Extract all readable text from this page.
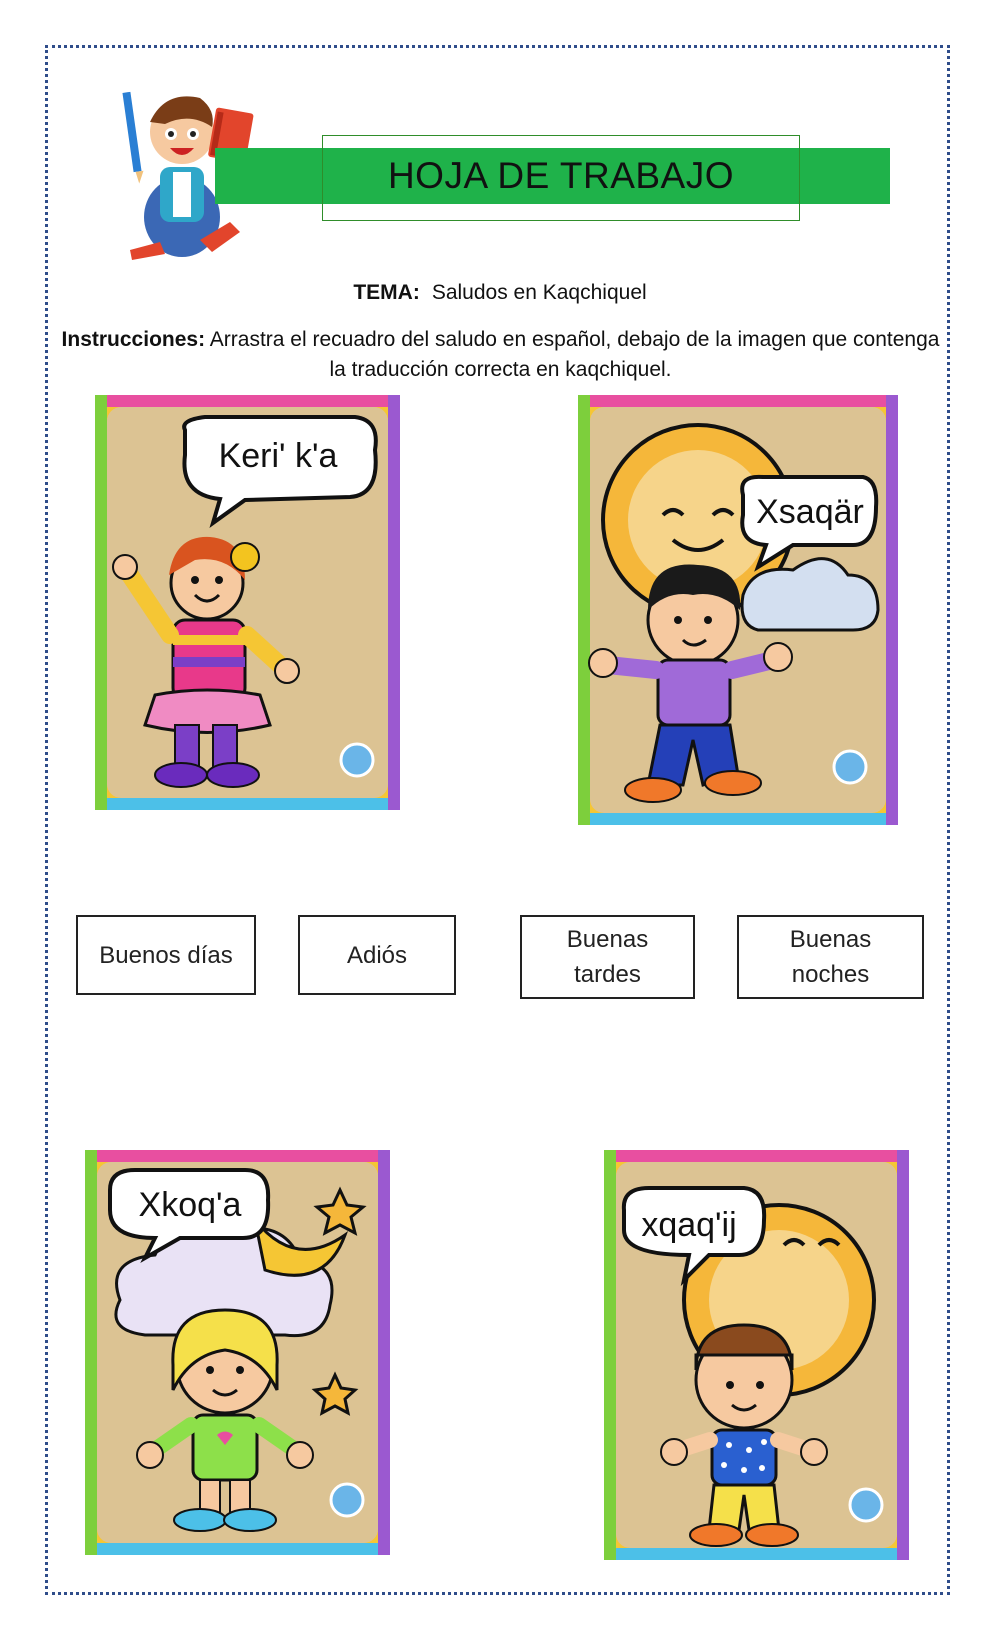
HOJA DE TRABAJO
TEMA: Saludos en Kaqchiquel
Instrucciones: Arrastra el recuadro del saludo en español, debajo de la imagen que contenga la traducción correcta en kaqchiquel.
Keri' k'a
Xsaqär
Buenos días	Adiós
Buenas tardes
Buenas noches
Xkoq'a
xqaq'ij
